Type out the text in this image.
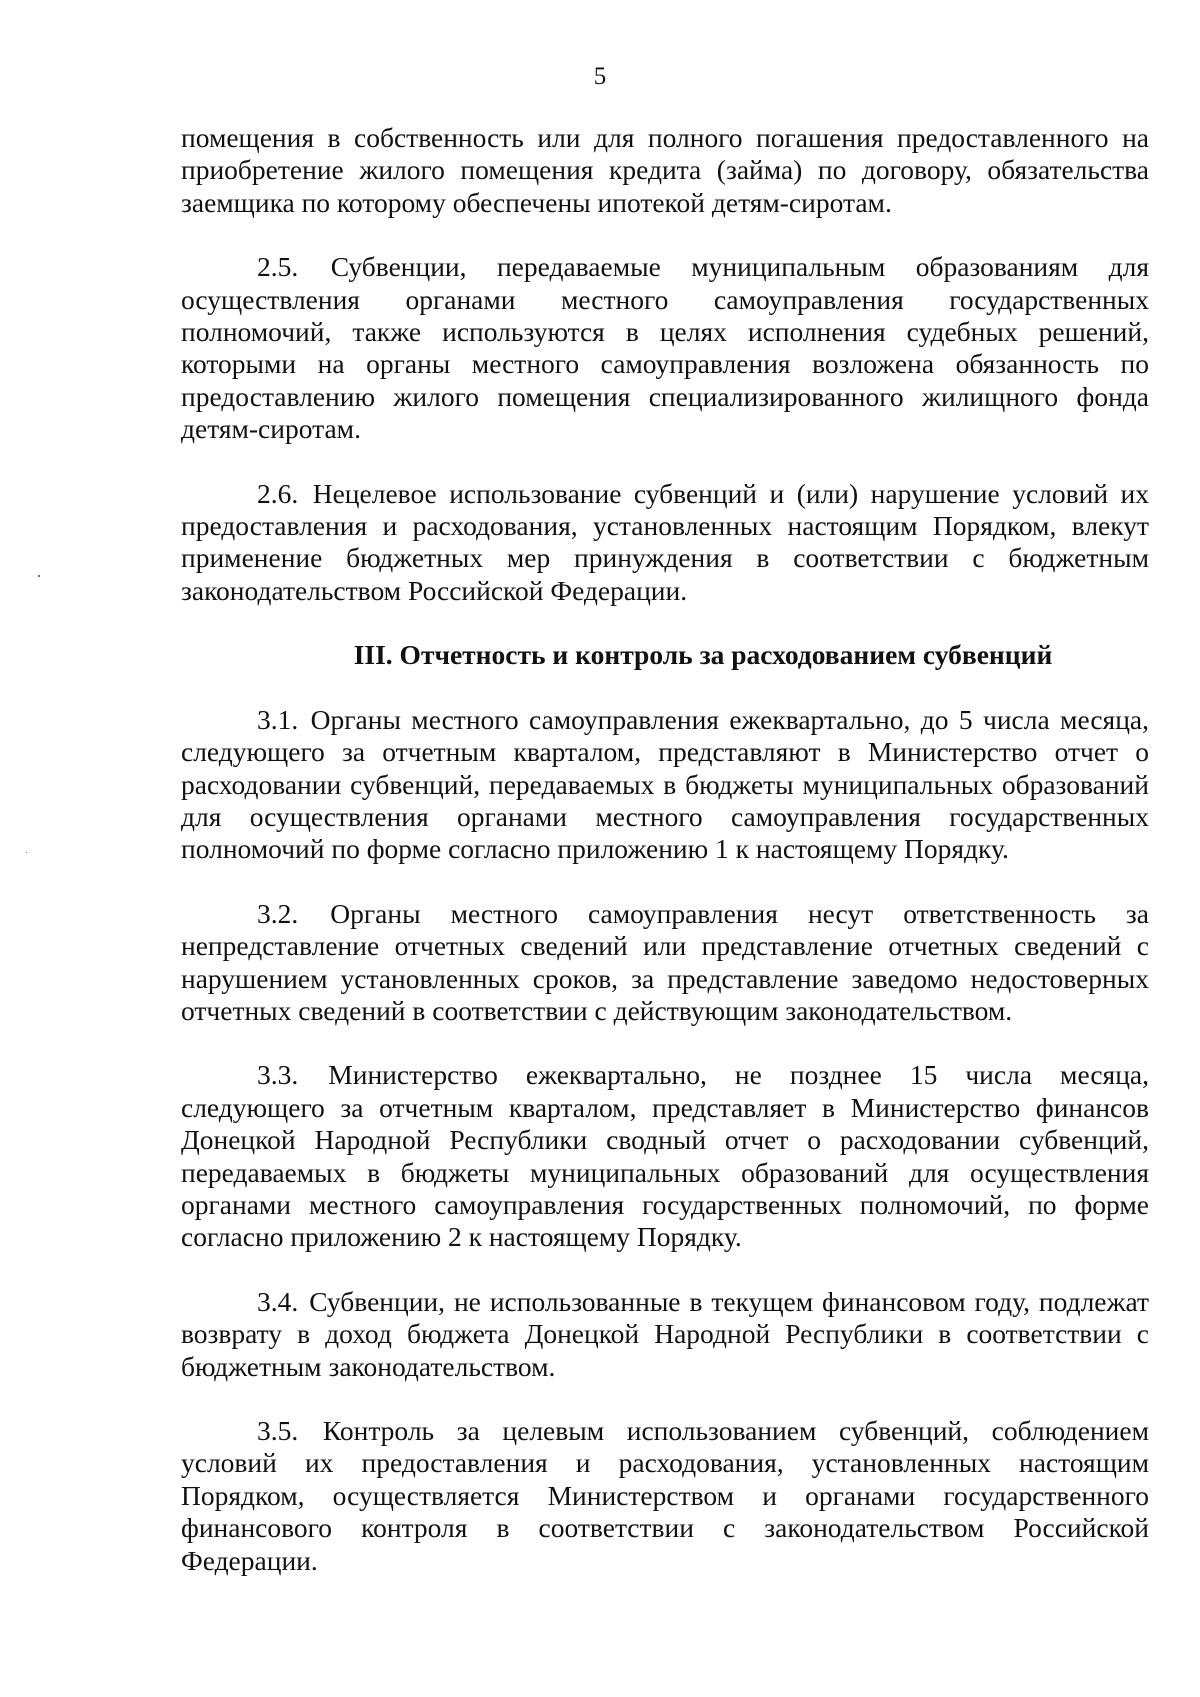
5

помещения в собственность или для полного погашения предоставленного на приобретение жилого помещения кредита (займа) по договору, обязательства заемщика по которому обеспечены ипотекой детям-сиротам.

2.5. Субвенции, передаваемые муниципальным образованиям для осуществления органами местного самоуправления государственных полномочий, также используются в целях исполнения судебных решений, которыми на органы местного самоуправления возложена обязанность по предоставлению жилого помещения специализированного жилищного фонда детям-сиротам.

2.6. Нецелевое использование субвенций и (или) нарушение условий их предоставления и расходования, установленных настоящим Порядком, влекут применение бюджетных мер принуждения в соответствии с бюджетным законодательством Российской Федерации.

III. Отчетность и контроль за расходованием субвенций

3.1. Органы местного самоуправления ежеквартально, до 5 числа месяца, следующего за отчетным кварталом, представляют в Министерство отчет о расходовании субвенций, передаваемых в бюджеты муниципальных образований для осуществления органами местного самоуправления государственных полномочий по форме согласно приложению 1 к настоящему Порядку.

3.2. Органы местного самоуправления несут ответственность за непредставление отчетных сведений или представление отчетных сведений с нарушением установленных сроков, за представление заведомо недостоверных отчетных сведений в соответствии с действующим законодательством.

3.3. Министерство ежеквартально, не позднее 15 числа месяца, следующего за отчетным кварталом, представляет в Министерство финансов Донецкой Народной Республики сводный отчет о расходовании субвенций, передаваемых в бюджеты муниципальных образований для осуществления органами местного самоуправления государственных полномочий, по форме согласно приложению 2 к настоящему Порядку.

3.4. Субвенции, не использованные в текущем финансовом году, подлежат возврату в доход бюджета Донецкой Народной Республики в соответствии с бюджетным законодательством.

3.5. Контроль за целевым использованием субвенций, соблюдением условий их предоставления и расходования, установленных настоящим Порядком, осуществляется Министерством и органами государственного финансового контроля в соответствии с законодательством Российской Федерации.
